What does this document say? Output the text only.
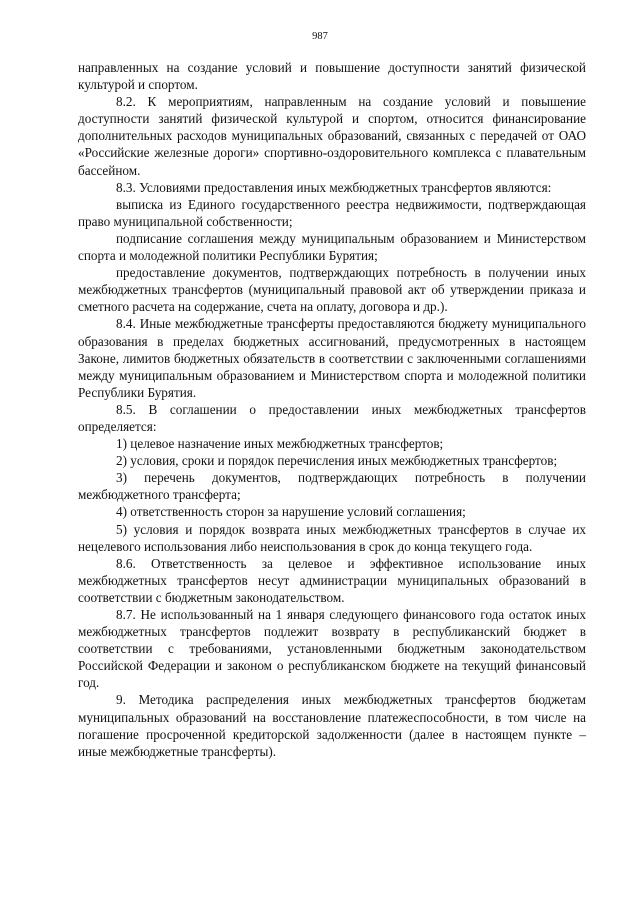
987

направленных на создание условий и повышение доступности занятий физической культурой и спортом.

8.2. К мероприятиям, направленным на создание условий и повышение доступности занятий физической культурой и спортом, относится финансирование дополнительных расходов муниципальных образований, связанных с передачей от ОАО «Российские железные дороги» спортивно-оздоровительного комплекса с плавательным бассейном.

8.3. Условиями предоставления иных межбюджетных трансфертов являются:

выписка из Единого государственного реестра недвижимости, подтверждающая право муниципальной собственности;

подписание соглашения между муниципальным образованием и Министерством спорта и молодежной политики Республики Бурятия;

предоставление документов, подтверждающих потребность в получении иных межбюджетных трансфертов (муниципальный правовой акт об утверждении приказа и сметного расчета на содержание, счета на оплату, договора и др.).

8.4. Иные межбюджетные трансферты предоставляются бюджету муниципального образования в пределах бюджетных ассигнований, предусмотренных в настоящем Законе, лимитов бюджетных обязательств в соответствии с заключенными соглашениями между муниципальным образованием и Министерством спорта и молодежной политики Республики Бурятия.

8.5. В соглашении о предоставлении иных межбюджетных трансфертов определяется:

1) целевое назначение иных межбюджетных трансфертов;

2) условия, сроки и порядок перечисления иных межбюджетных трансфертов;

3) перечень документов, подтверждающих потребность в получении межбюджетного трансферта;

4) ответственность сторон за нарушение условий соглашения;

5) условия и порядок возврата иных межбюджетных трансфертов в случае их нецелевого использования либо неиспользования в срок до конца текущего года.

8.6. Ответственность за целевое и эффективное использование иных межбюджетных трансфертов несут администрации муниципальных образований в соответствии с бюджетным законодательством.

8.7. Не использованный на 1 января следующего финансового года остаток иных межбюджетных трансфертов подлежит возврату в республиканский бюджет в соответствии с требованиями, установленными бюджетным законодательством Российской Федерации и законом о республиканском бюджете на текущий финансовый год.

9. Методика распределения иных межбюджетных трансфертов бюджетам муниципальных образований на восстановление платежеспособности, в том числе на погашение просроченной кредиторской задолженности (далее в настоящем пункте – иные межбюджетные трансферты).
